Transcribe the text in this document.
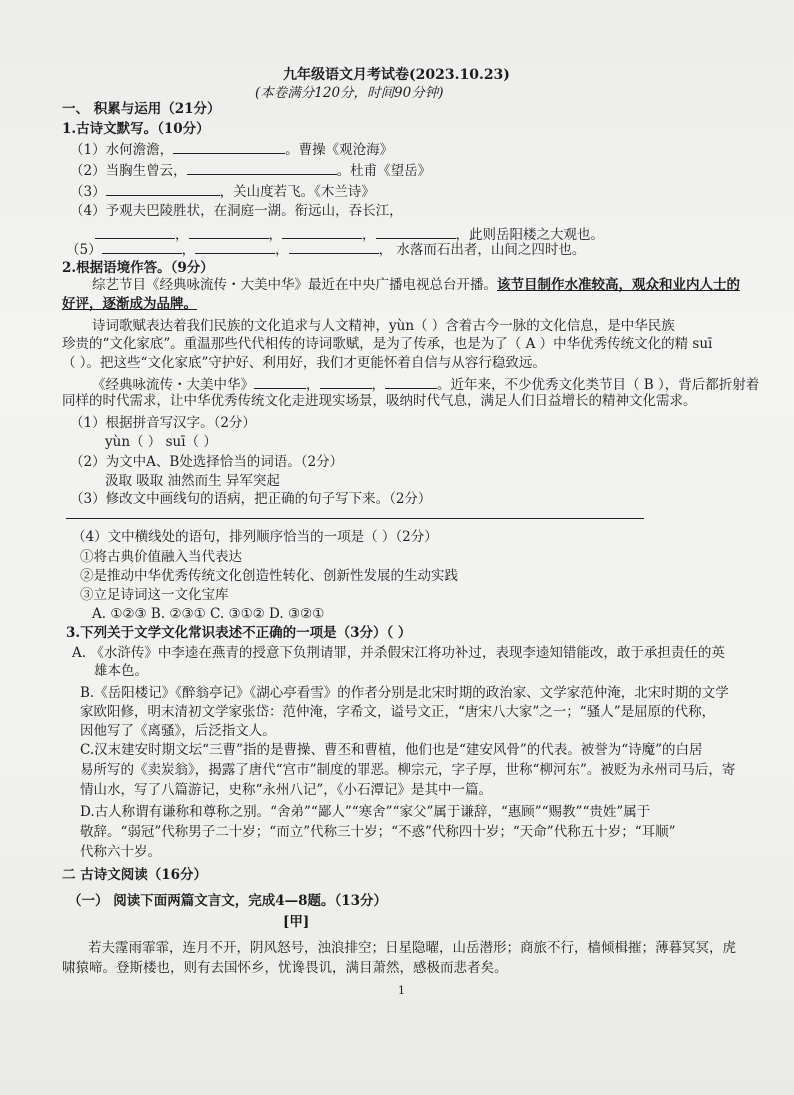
九年级语文月考试卷(2023.10.23)
(本卷满分120分，时间90分钟)
一、 积累与运用（21分）
1.古诗文默写。（10分）
（1）水何澹澹，	。曹操《观沧海》
（2）当胸生曾云，	。杜甫《望岳》
（3）	，关山度若飞。《木兰诗》
（4）予观夫巴陵胜状，在洞庭一湖。衔远山，吞长江，
，	，	，	，此则岳阳楼之大观也。
（5）	，	，	， 水落而石出者，山间之四时也。
2.根据语境作答。（9分）
综艺节目《经典咏流传・大美中华》最近在中央广播电视总台开播。该节目制作水准较高，观众和业内人士的
好评，逐渐成为品牌。
诗词歌赋表达着我们民族的文化追求与人文精神，yùn（ ）含着古今一脉的文化信息，是中华民族
珍贵的“文化家底”。重温那些代代相传的诗词歌赋，是为了传承，也是为了（ A ）中华优秀传统文化的精 suī
（ ）。把这些“文化家底”守护好、利用好，我们才更能怀着自信与从容行稳致远。
《经典咏流传・大美中华》	，	，	。近年来，不少优秀文化类节目（ B ），背后都折射着
同样的时代需求，让中华优秀传统文化走进现实场景，吸纳时代气息，满足人们日益增长的精神文化需求。
（1）根据拼音写汉字。（2分）
yùn（ ） suī（ ）
（2）为文中A、B处选择恰当的词语。（2分）
汲取 吸取 油然而生 异军突起
（3）修改文中画线句的语病，把正确的句子写下来。（2分）
（4）文中横线处的语句，排列顺序恰当的一项是（ ）（2分）
①将古典价值融入当代表达
②是推动中华优秀传统文化创造性转化、创新性发展的生动实践
③立足诗词这一文化宝库
A. ①②③ B. ②③① C. ③①② D. ③②①
3.下列关于文学文化常识表述不正确的一项是（3分）（ ）
A. 《水浒传》中李逵在燕青的授意下负荆请罪，并杀假宋江将功补过，表现李逵知错能改，敢于承担责任的英
雄本色。
B.《岳阳楼记》《醉翁亭记》《湖心亭看雪》的作者分别是北宋时期的政治家、文学家范仲淹，北宋时期的文学
家欧阳修，明末清初文学家张岱：范仲淹，字希文，谥号文正，“唐宋八大家”之一；“骚人”是屈原的代称，
因他写了《离骚》，后泛指文人。
C.汉末建安时期文坛“三曹”指的是曹操、曹丕和曹植，他们也是“建安风骨”的代表。被誉为“诗魔”的白居
易所写的《卖炭翁》，揭露了唐代“宫市”制度的罪恶。柳宗元，字子厚，世称“柳河东”。被贬为永州司马后，寄
情山水，写了八篇游记，史称“永州八记”，《小石潭记》是其中一篇。
D.古人称谓有谦称和尊称之别。“舍弟”“鄙人”“寒舍”“家父”属于谦辞，“惠顾”“赐教”“贵姓”属于
敬辞。“弱冠”代称男子二十岁；“而立”代称三十岁；“不惑”代称四十岁；“天命”代称五十岁；“耳顺”
代称六十岁。
二 古诗文阅读（16分）
（一） 阅读下面两篇文言文，完成4—8题。（13分）
[甲]
若夫霪雨霏霏，连月不开，阴风怒号，浊浪排空；日星隐曜，山岳潜形；商旅不行，樯倾楫摧；薄暮冥冥，虎
啸猿啼。登斯楼也，则有去国怀乡，忧谗畏讥，满目萧然，感极而悲者矣。
1
